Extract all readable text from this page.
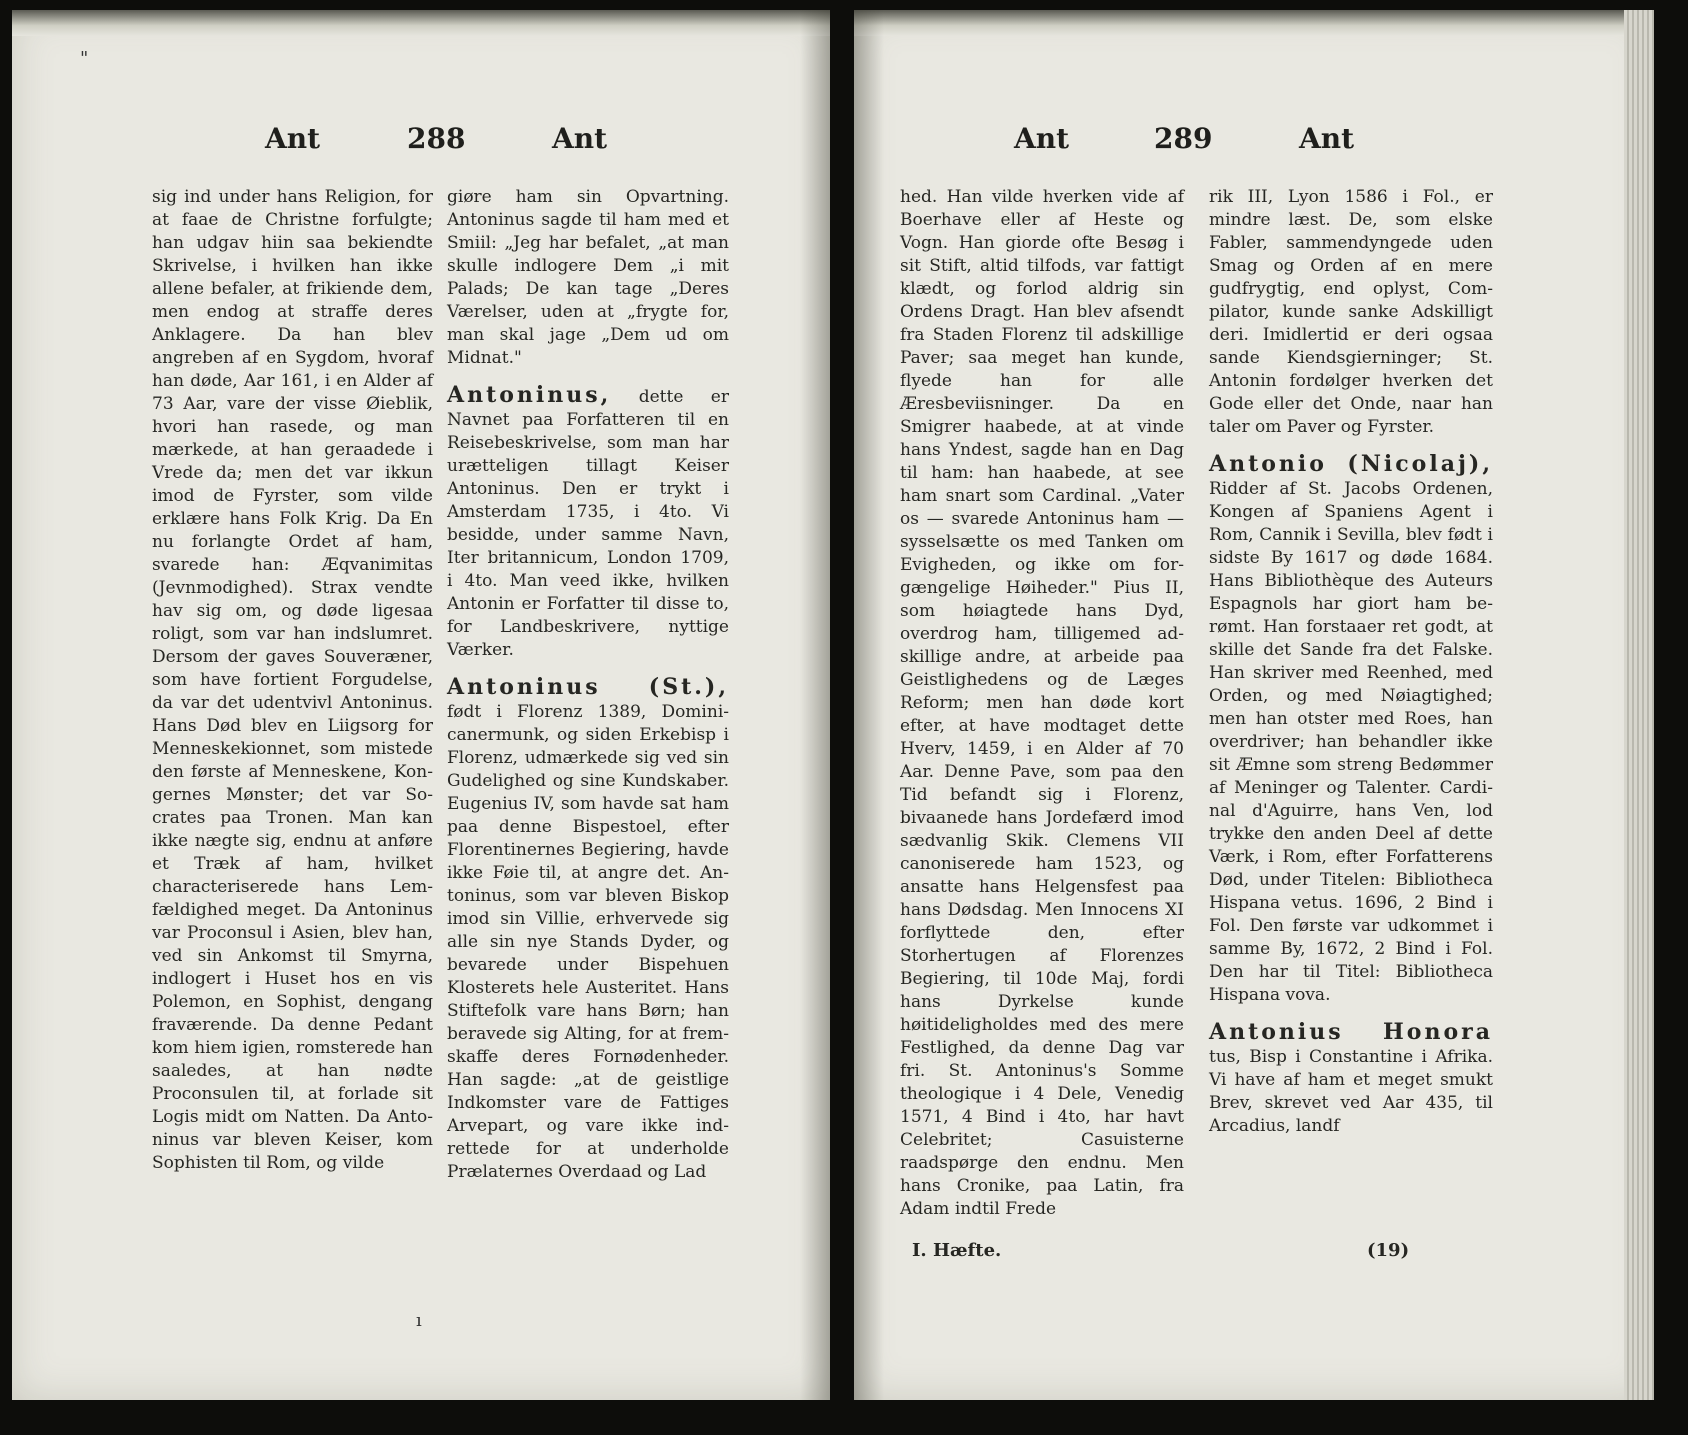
"
Ant	288	Ant

sig ind under hans Religion, for at faae de Christne forfulgte; han udgav hiin saa bekiendte Skrivelse, i hvilken han ikke allene befaler, at frikiende dem, men endog at straffe deres Anklagere. Da han blev angreben af en Sygdom, hvoraf han døde, Aar 161, i en Alder af 73 Aar, vare der visse Øieblik, hvori han rasede, og man mærkede, at han geraadede i Vrede da; men det var ikkun imod de Fyrster, som vilde erklære hans Folk Krig. Da En nu forlangte Ordet af ham, svarede han: Æqvanimitas (Jevnmodighed). Strax vendte hav sig om, og døde ligesaa roligt, som var han indslumret. Dersom der gaves Souveræner, som have fortient Forgudelse, da var det udentvivl Antoninus. Hans Død blev en Liigsorg for Menneskekionnet, som mistede den første af Menneskene, Kongernes Mønster; det var Socrates paa Tronen. Man kan ikke nægte sig, endnu at anføre et Træk af ham, hvilket characteriserede hans Lemfældighed meget. Da Antoninus var Proconsul i Asien, blev han, ved sin Ankomst til Smyrna, indlogert i Huset hos en vis Polemon, en Sophist, dengang fraværende. Da denne Pedant kom hiem igien, romsterede han saaledes, at han nødte Proconsulen til, at forlade sit Logis midt om Natten. Da Antoninus var bleven Keiser, kom Sophisten til Rom, og vilde

giøre ham sin Opvartning. Antoninus sagde til ham med et Smiil: „Jeg har befalet, „at man skulle indlogere Dem „i mit Palads; De kan tage „Deres Værelser, uden at „frygte for, man skal jage „Dem ud om Midnat."

Antoninus, dette er Navnet paa Forfatteren til en Reisebeskrivelse, som man har urætteligen tillagt Keiser Antoninus. Den er trykt i Amsterdam 1735, i 4to. Vi besidde, under samme Navn, Iter britannicum, London 1709, i 4to. Man veed ikke, hvilken Antonin er Forfatter til disse to, for Landbeskrivere, nyttige Værker.

Antoninus (St.), født i Florenz 1389, Dominicanermunk, og siden Erkebisp i Florenz, udmærkede sig ved sin Gudelighed og sine Kundskaber. Eugenius IV, som havde sat ham paa denne Bispestoel, efter Florentinernes Begiering, havde ikke Føie til, at angre det. Antoninus, som var bleven Biskop imod sin Villie, erhvervede sig alle sin nye Stands Dyder, og bevarede under Bispehuen Klosterets hele Austeritet. Hans Stiftefolk vare hans Børn; han beravede sig Alting, for at fremskaffe deres Fornødenheder. Han sagde: „at de geistlige Indkomster vare de Fattiges Arvepart, og vare ikke indrettede for at underholde Prælaternes Overdaad og Lad

ı
Ant	289	Ant

hed. Han vilde hverken vide af Boerhave eller af Heste og Vogn. Han giorde ofte Besøg i sit Stift, altid tilfods, var fattigt klædt, og forlod aldrig sin Ordens Dragt. Han blev afsendt fra Staden Florenz til adskillige Paver; saa meget han kunde, flyede han for alle Æresbeviisninger. Da en Smigrer haabede, at at vinde hans Yndest, sagde han en Dag til ham: han haabede, at see ham snart som Cardinal. „Vater os — svarede Antoninus ham — sysselsætte os med Tanken om Evigheden, og ikke om forgængelige Høiheder." Pius II, som høiagtede hans Dyd, overdrog ham, tilligemed adskillige andre, at arbeide paa Geistlighedens og de Læges Reform; men han døde kort efter, at have modtaget dette Hverv, 1459, i en Alder af 70 Aar. Denne Pave, som paa den Tid befandt sig i Florenz, bivaanede hans Jordefærd imod sædvanlig Skik. Clemens VII canoniserede ham 1523, og ansatte hans Helgensfest paa hans Dødsdag. Men Innocens XI forflyttede den, efter Storhertugen af Florenzes Begiering, til 10de Maj, fordi hans Dyrkelse kunde høitideligholdes med des mere Festlighed, da denne Dag var fri. St. Antoninus's Somme theologique i 4 Dele, Venedig 1571, 4 Bind i 4to, har havt Celebritet; Casuisterne raadspørge den endnu. Men hans Cronike, paa Latin, fra Adam indtil Frede

rik III, Lyon 1586 i Fol., er mindre læst. De, som elske Fabler, sammendyngede uden Smag og Orden af en mere gudfrygtig, end oplyst, Compilator, kunde sanke Adskilligt deri. Imidlertid er deri ogsaa sande Kiendsgierninger; St. Antonin fordølger hverken det Gode eller det Onde, naar han taler om Paver og Fyrster.

Antonio (Nicolaj), Ridder af St. Jacobs Ordenen, Kongen af Spaniens Agent i Rom, Cannik i Sevilla, blev født i sidste By 1617 og døde 1684. Hans Bibliothèque des Auteurs Espagnols har giort ham berømt. Han forstaaer ret godt, at skille det Sande fra det Falske. Han skriver med Reenhed, med Orden, og med Nøiagtighed; men han otster med Roes, han overdriver; han behandler ikke sit Æmne som streng Bedømmer af Meninger og Talenter. Cardinal d'Aguirre, hans Ven, lod trykke den anden Deel af dette Værk, i Rom, efter Forfatterens Død, under Titelen: Bibliotheca Hispana vetus. 1696, 2 Bind i Fol. Den første var udkommet i samme By, 1672, 2 Bind i Fol. Den har til Titel: Bibliotheca Hispana vova.

Antonius Honora tus, Bisp i Constantine i Afrika. Vi have af ham et meget smukt Brev, skrevet ved Aar 435, til Arcadius, landf

I. Hæfte.	(19)
